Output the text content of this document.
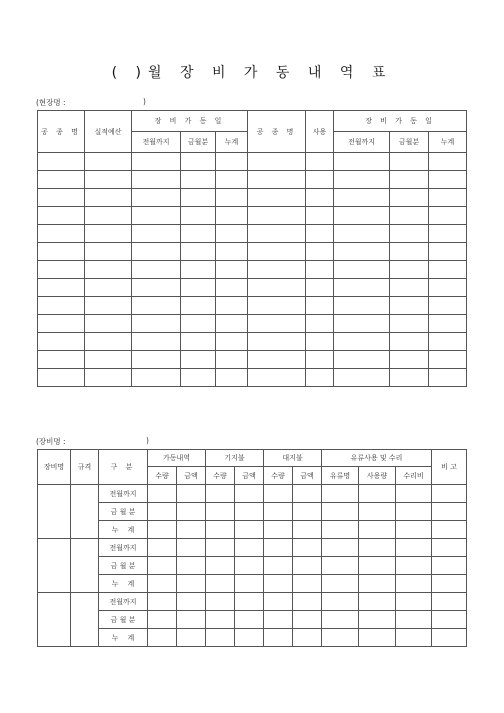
( )월 장 비 가 동 내 역 표
(현장명 :	)
공 종 명	실적예산	장 비 가 동 일			공 종 명	사용	장 비 가 동 일		
		전월까지	금월분	누계			전월까지	금월분	누계

(장비명 :	)
장비명	규격	구 분	가동내역		기지불		대지불		유류사용 및 수리			비 고
			수량	금액	수량	금액	수량	금액	유류명	사용량	수리비	
		전월까지										
		금 월 분										
		누    계										
		전월까지										
		금 월 분										
		누    계										
		전월까지										
		금 월 분										
		누    계										
